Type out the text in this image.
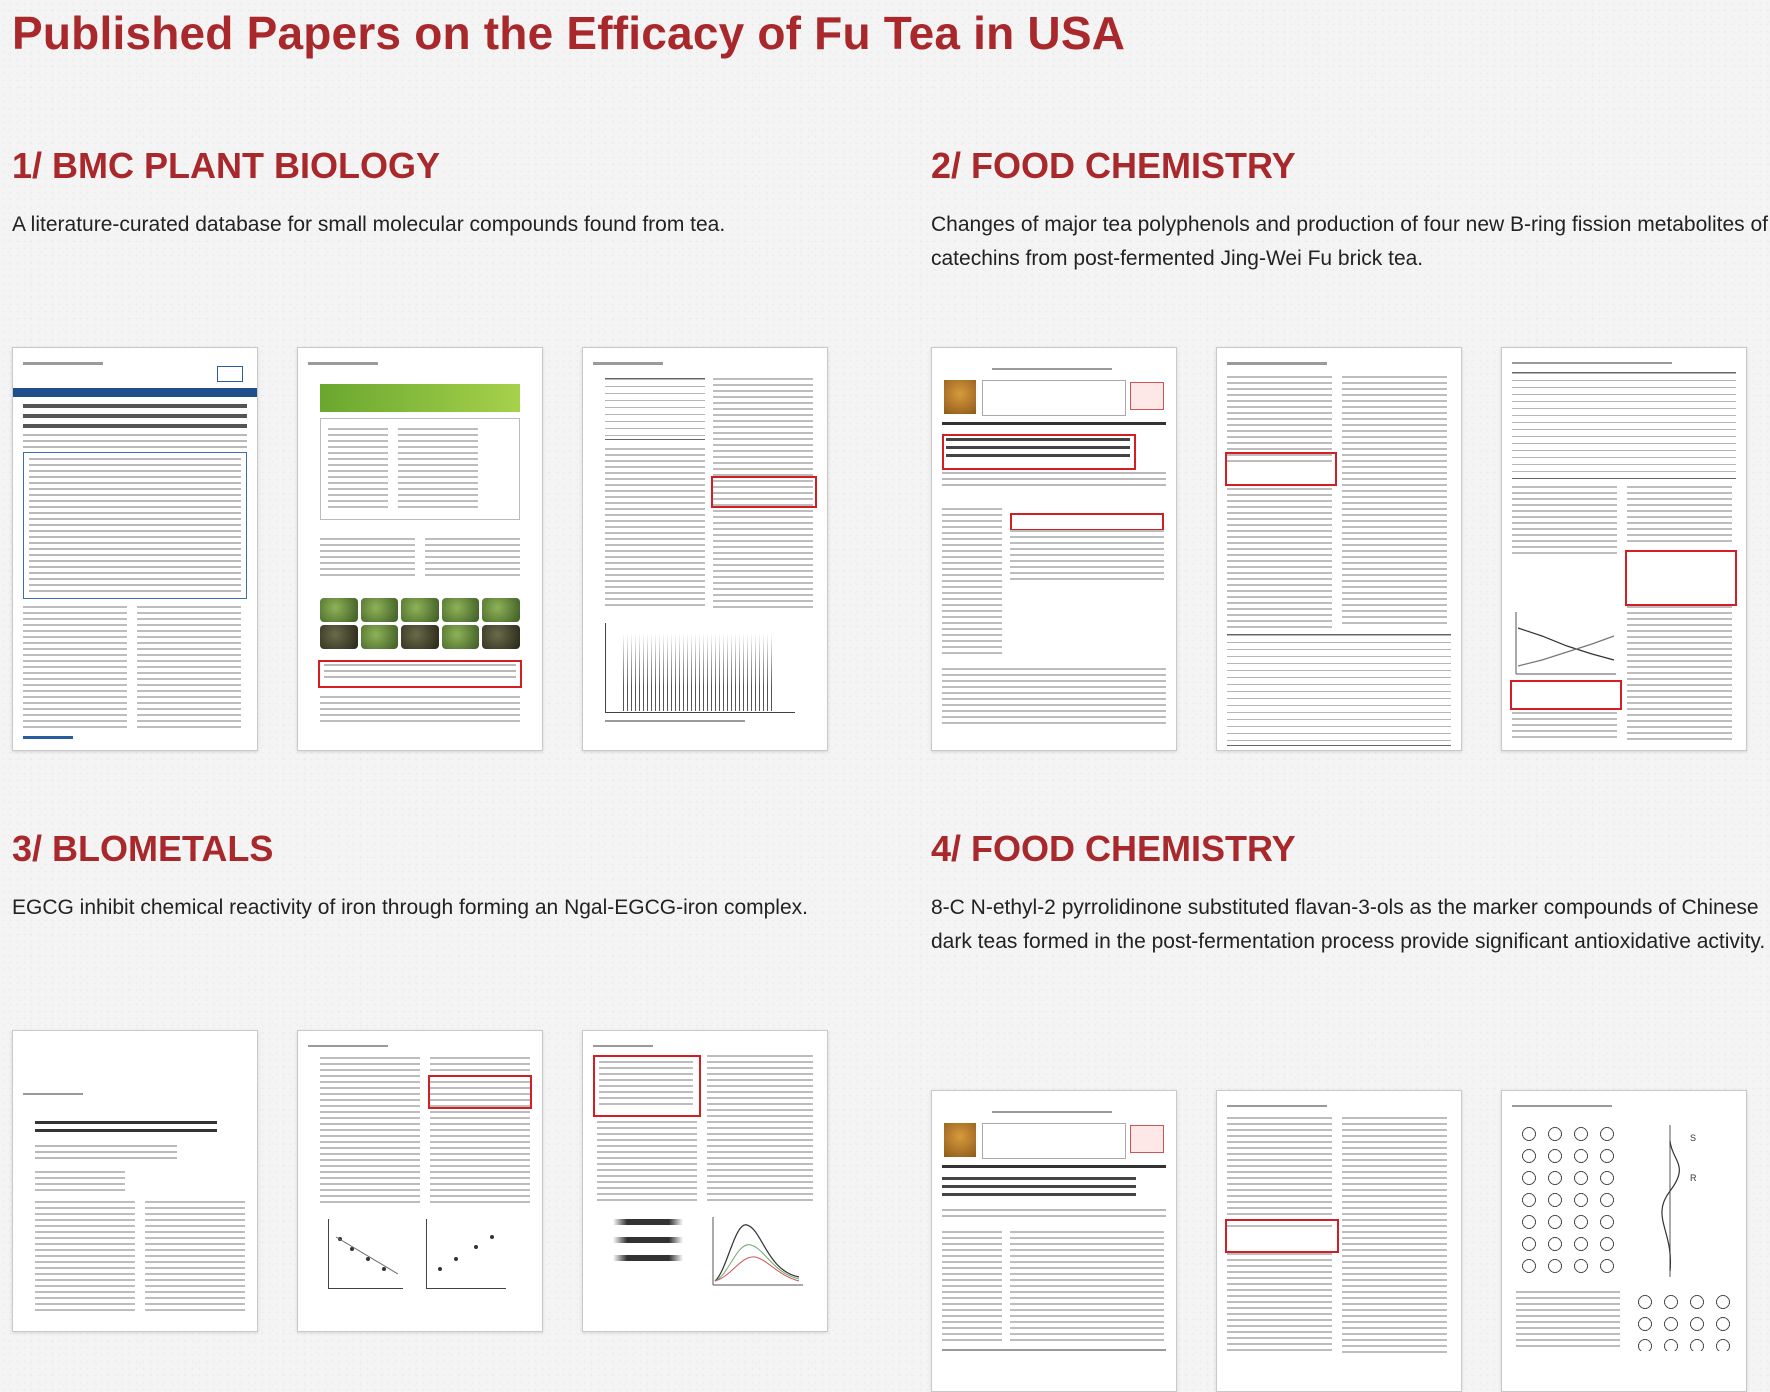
Published Papers on the Efficacy of Fu Tea in USA
1/ BMC PLANT BIOLOGY

A literature-curated database for small molecular compounds found from tea.

2/ FOOD CHEMISTRY

Changes of major tea polyphenols and production of four new B-ring fission metabolites of catechins from post-fermented Jing-Wei Fu brick tea.

3/ BLOMETALS

EGCG inhibit chemical reactivity of iron through forming an Ngal-EGCG-iron complex.

4/ FOOD CHEMISTRY

8-C N-ethyl-2 pyrrolidinone substituted flavan-3-ols as the marker compounds of Chinese dark teas formed in the post-fermentation process provide significant antioxidative activity.

S
R
